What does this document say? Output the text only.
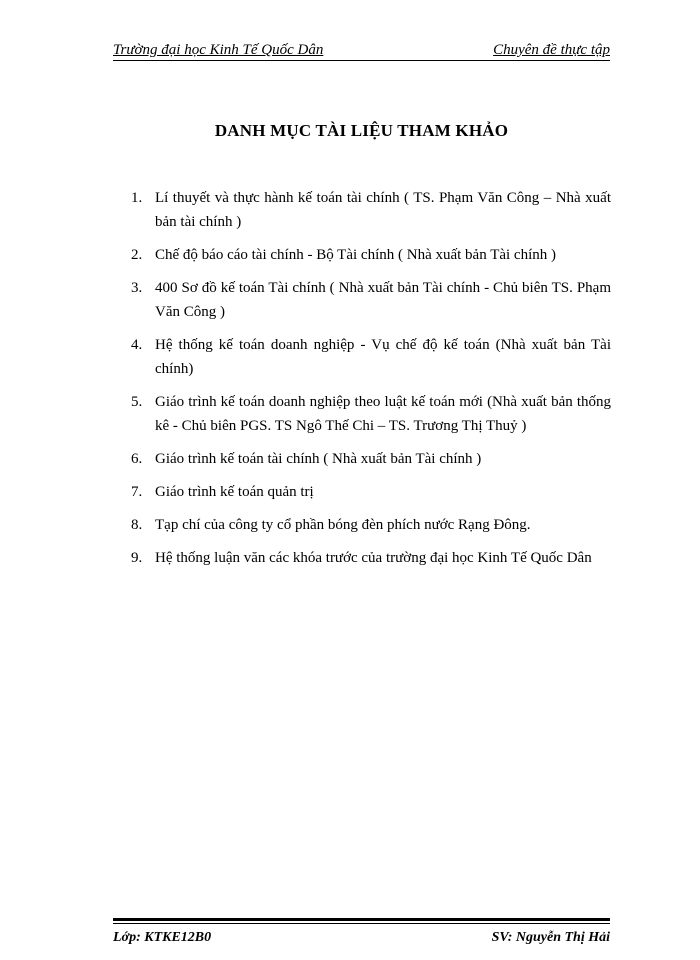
Trường đại học Kinh Tế Quốc Dân	Chuyên đề thực tập
DANH MỤC TÀI LIỆU THAM KHẢO
1. Lí thuyết và thực hành kế toán tài chính ( TS. Phạm Văn Công – Nhà xuất bản tài chính )
2. Chế độ báo cáo tài chính - Bộ Tài chính ( Nhà xuất bản Tài chính )
3. 400 Sơ đồ kế toán Tài chính ( Nhà xuất bản Tài chính - Chủ biên TS. Phạm Văn Công )
4. Hệ thống kế toán doanh nghiệp - Vụ chế độ kế toán (Nhà xuất bản Tài chính)
5. Giáo trình kế toán doanh nghiệp theo luật kế toán mới (Nhà xuất bản thống kê - Chủ biên PGS. TS Ngô Thế Chi – TS. Trương Thị Thuỷ )
6. Giáo trình kế toán tài chính ( Nhà xuất bản Tài chính )
7. Giáo trình kế toán quản trị
8. Tạp chí của công ty cổ phần bóng đèn phích nước Rạng Đông.
9. Hệ thống luận văn các khóa trước của trường đại học Kinh Tế Quốc Dân
Lớp: KTKE12B0	SV: Nguyễn Thị Hải
